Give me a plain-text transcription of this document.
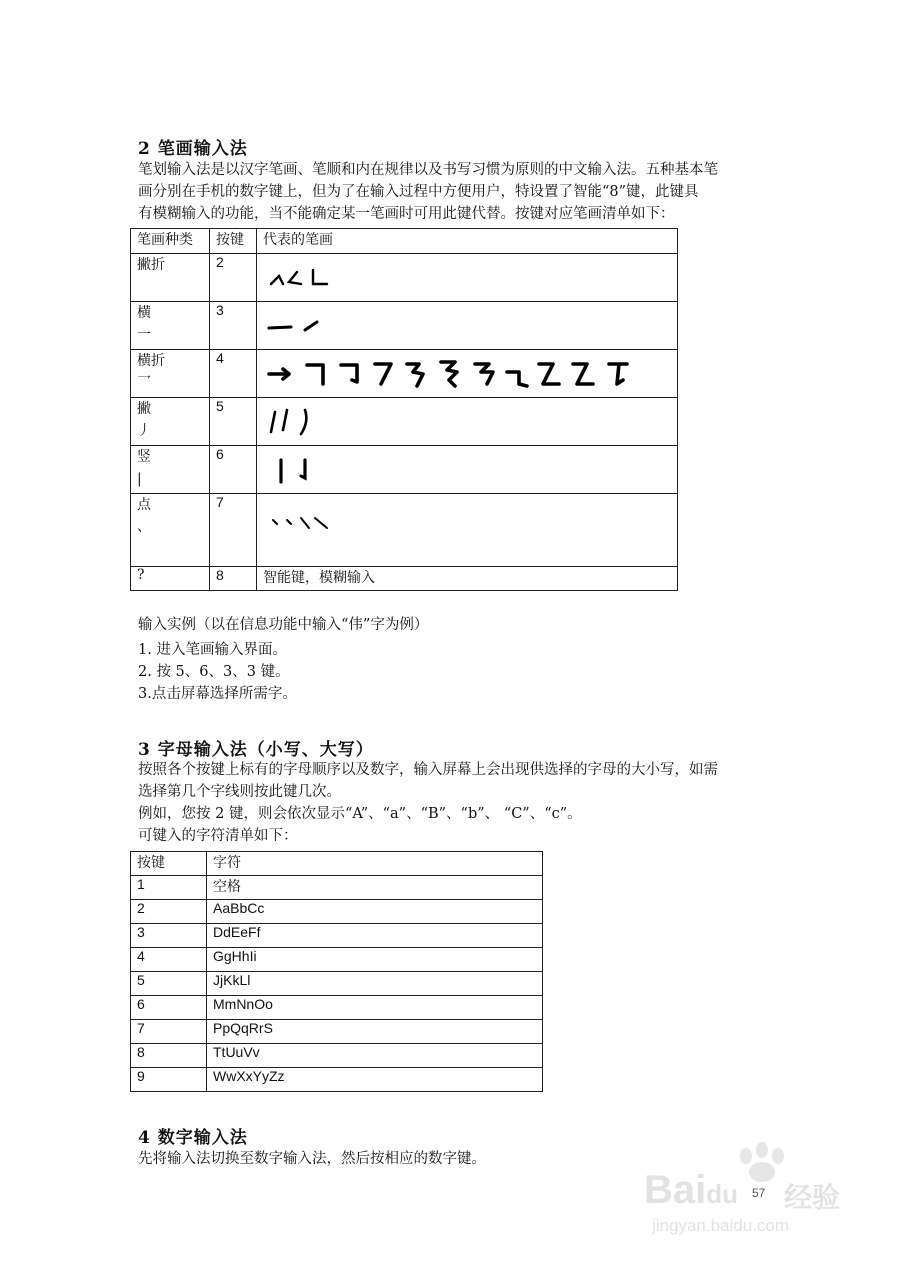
2 笔画输入法
笔划输入法是以汉字笔画、笔顺和内在规律以及书写习惯为原则的中文输入法。五种基本笔
画分别在手机的数字键上，但为了在输入过程中方便用户，特设置了智能“8”键，此键具
有模糊输入的功能，当不能确定某一笔画时可用此键代替。按键对应笔画清单如下：
笔画种类	按键	代表的笔画
撇折	2	

横
一	3	

横折
乛	4	

撇
丿	5	

竖
|	6	

点
、	7	

?	8	智能键，模糊输入
输入实例（以在信息功能中输入“伟”字为例）
1. 进入笔画输入界面。
2. 按 5、6、3、3 键。
3.点击屏幕选择所需字。
3 字母输入法（小写、大写）
按照各个按键上标有的字母顺序以及数字，输入屏幕上会出现供选择的字母的大小写，如需
选择第几个字线则按此键几次。
例如，您按 2 键，则会依次显示“A”、“a”、“B”、“b”、 “C”、“c”。
可键入的字符清单如下：
按键	字符
1	空格
2	AaBbCc
3	DdEeFf
4	GgHhIi
5	JjKkLl
6	MmNnOo
7	PpQqRrS
8	TtUuVv
9	WwXxYyZz
4 数字输入法
先将输入法切换至数字输入法，然后按相应的数字键。
57
Baidu 经验
jingyan.baidu.com
